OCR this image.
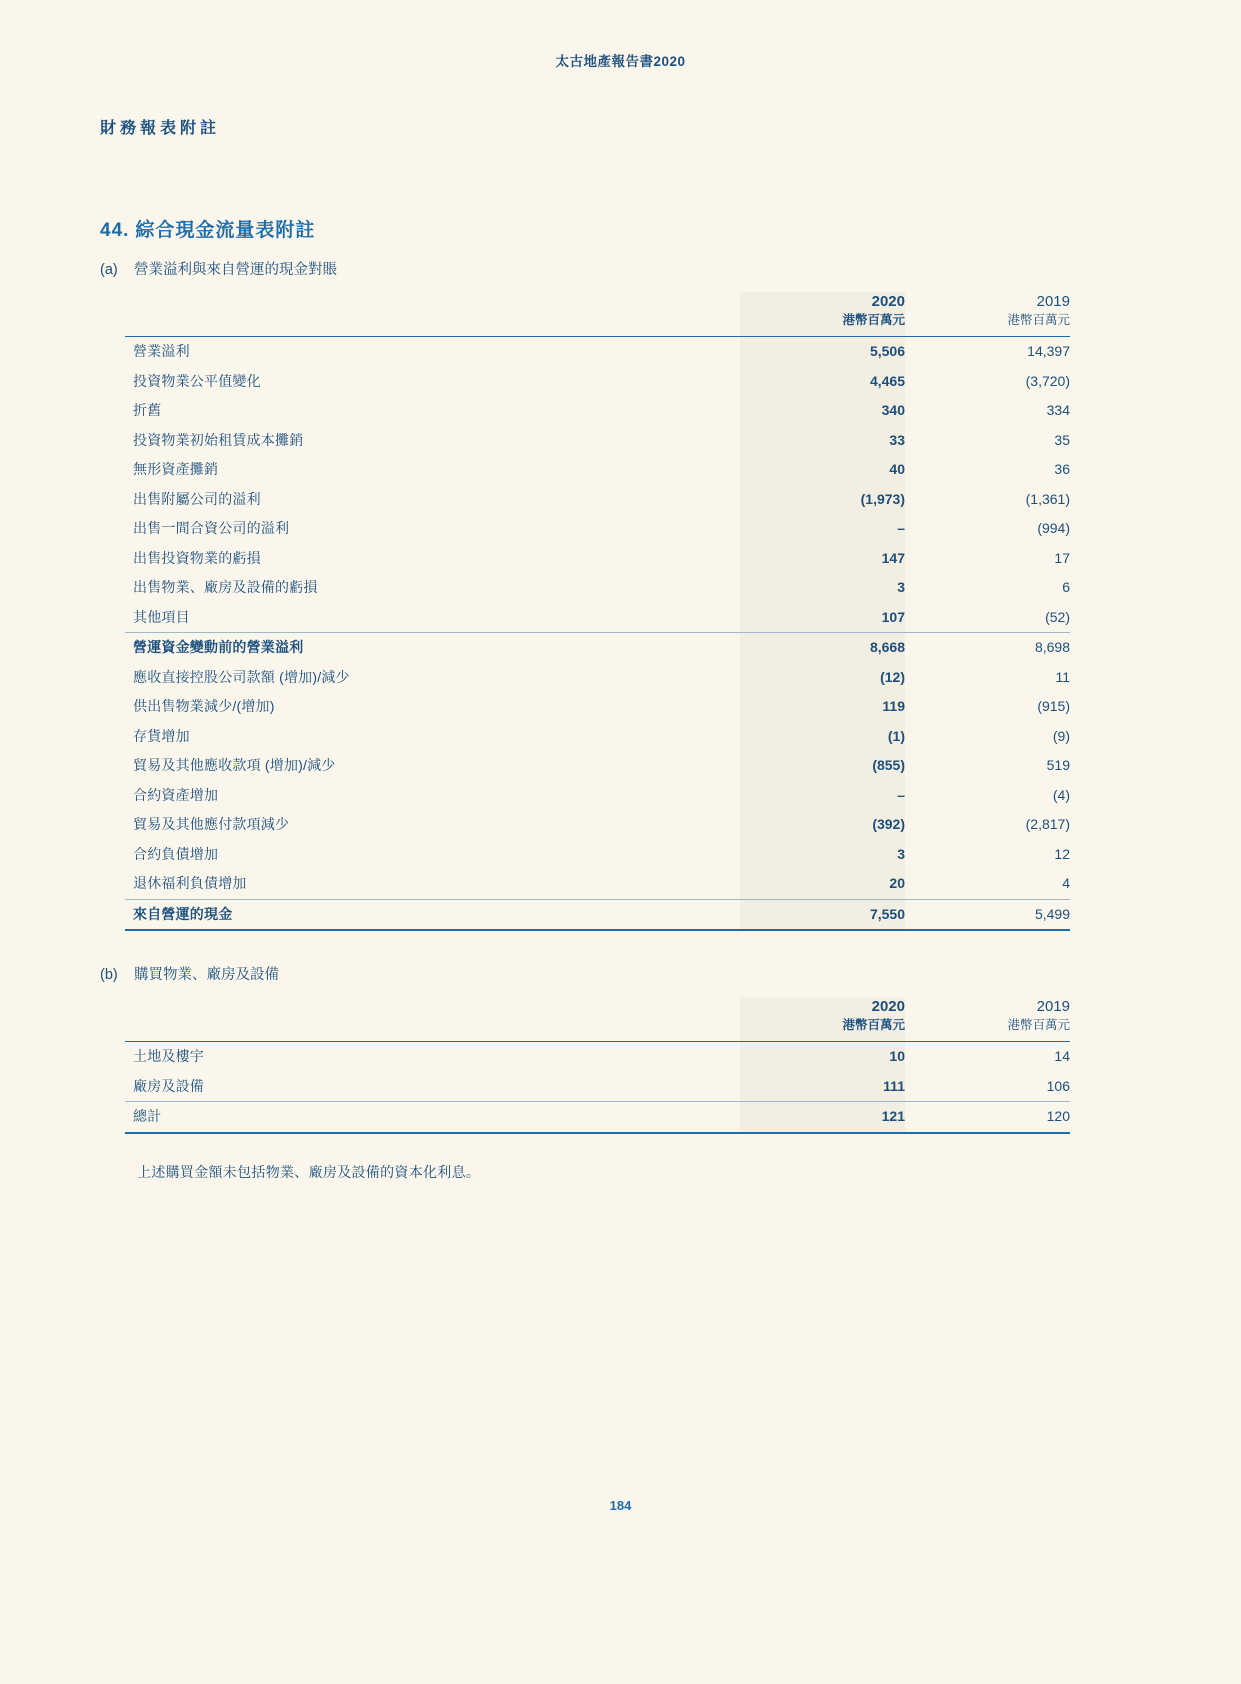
太古地產報告書2020
財務報表附註
44. 綜合現金流量表附註
(a) 營業溢利與來自營運的現金對賬
	2020	2019
	港幣百萬元	港幣百萬元
營業溢利	5,506	14,397
投資物業公平值變化	4,465	(3,720)
折舊	340	334
投資物業初始租賃成本攤銷	33	35
無形資產攤銷	40	36
出售附屬公司的溢利	(1,973)	(1,361)
出售一間合資公司的溢利	–	(994)
出售投資物業的虧損	147	17
出售物業、廠房及設備的虧損	3	6
其他項目	107	(52)
營運資金變動前的營業溢利	8,668	8,698
應收直接控股公司款額 (增加)/減少	(12)	11
供出售物業減少/(增加)	119	(915)
存貨增加	(1)	(9)
貿易及其他應收款項 (增加)/減少	(855)	519
合約資產增加	–	(4)
貿易及其他應付款項減少	(392)	(2,817)
合約負債增加	3	12
退休福利負債增加	20	4
來自營運的現金	7,550	5,499
(b) 購買物業、廠房及設備
	2020	2019
	港幣百萬元	港幣百萬元
土地及樓宇	10	14
廠房及設備	111	106
總計	121	120
上述購買金額未包括物業、廠房及設備的資本化利息。
184
